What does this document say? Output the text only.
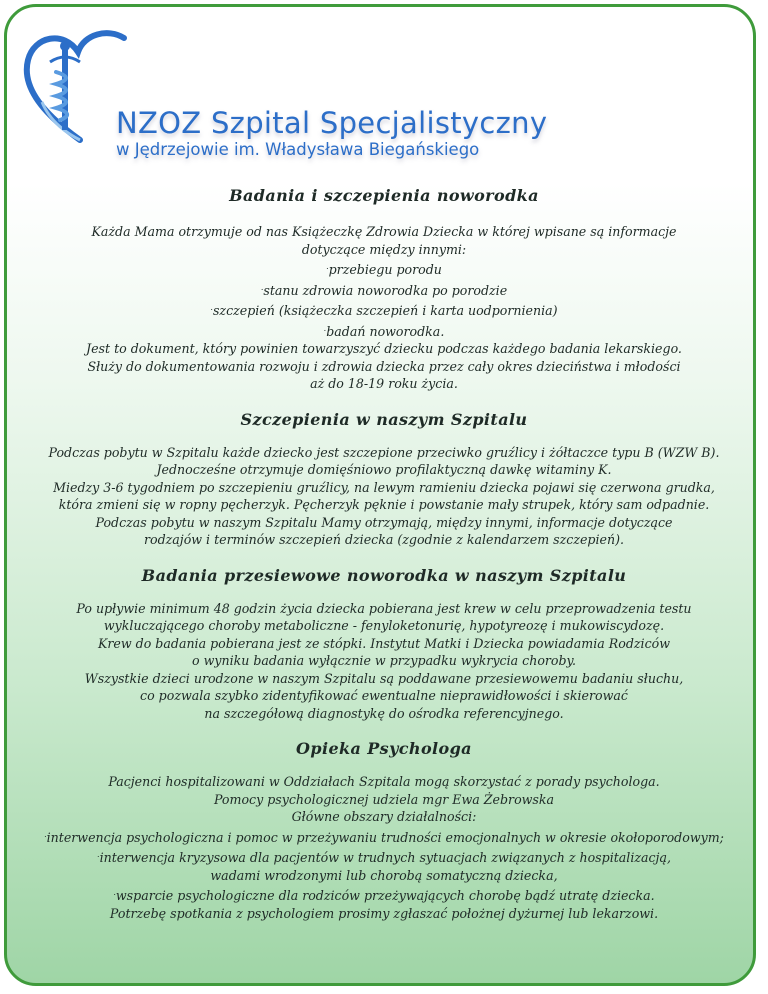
NZOZ Szpital Specjalistyczny
w Jędrzejowie im. Władysława Biegańskiego
Badania i szczepienia noworodka
Każda Mama otrzymuje od nas Książeczkę Zdrowia Dziecka w której wpisane są informacje
dotyczące między innymi:
.przebiegu porodu
.stanu zdrowia noworodka po porodzie
.szczepień (książeczka szczepień i karta uodpornienia)
.badań noworodka.
Jest to dokument, który powinien towarzyszyć dziecku podczas każdego badania lekarskiego.
Służy do dokumentowania rozwoju i zdrowia dziecka przez cały okres dzieciństwa i młodości
aż do 18-19 roku życia.
Szczepienia w naszym Szpitalu
Podczas pobytu w Szpitalu każde dziecko jest szczepione przeciwko gruźlicy i żółtaczce typu B (WZW B).
Jednocześne otrzymuje domięśniowo profilaktyczną dawkę witaminy K.
Miedzy 3-6 tygodniem po szczepieniu gruźlicy, na lewym ramieniu dziecka pojawi się czerwona grudka,
która zmieni się w ropny pęcherzyk. Pęcherzyk pęknie i powstanie mały strupek, który sam odpadnie.
Podczas pobytu w naszym Szpitalu Mamy otrzymają, między innymi, informacje dotyczące
rodzajów i terminów szczepień dziecka (zgodnie z kalendarzem szczepień).
Badania przesiewowe noworodka w naszym Szpitalu
Po upływie minimum 48 godzin życia dziecka pobierana jest krew w celu przeprowadzenia testu
wykluczającego choroby metaboliczne - fenyloketonurię, hypotyreozę i mukowiscydozę.
Krew do badania pobierana jest ze stópki. Instytut Matki i Dziecka powiadamia Rodziców
o wyniku badania wyłącznie w przypadku wykrycia choroby.
Wszystkie dzieci urodzone w naszym Szpitalu są poddawane przesiewowemu badaniu słuchu,
co pozwala szybko zidentyfikować ewentualne nieprawidłowości i skierować
na szczegółową diagnostykę do ośrodka referencyjnego.
Opieka Psychologa
Pacjenci hospitalizowani w Oddziałach Szpitala mogą skorzystać z porady psychologa.
Pomocy psychologicznej udziela mgr Ewa Żebrowska
Główne obszary działalności:
.interwencja psychologiczna i pomoc w przeżywaniu trudności emocjonalnych w okresie okołoporodowym;
.interwencja kryzysowa dla pacjentów w trudnych sytuacjach związanych z hospitalizacją,
wadami wrodzonymi lub chorobą somatyczną dziecka,
.wsparcie psychologiczne dla rodziców przeżywających chorobę bądź utratę dziecka.
Potrzebę spotkania z psychologiem prosimy zgłaszać położnej dyżurnej lub lekarzowi.
